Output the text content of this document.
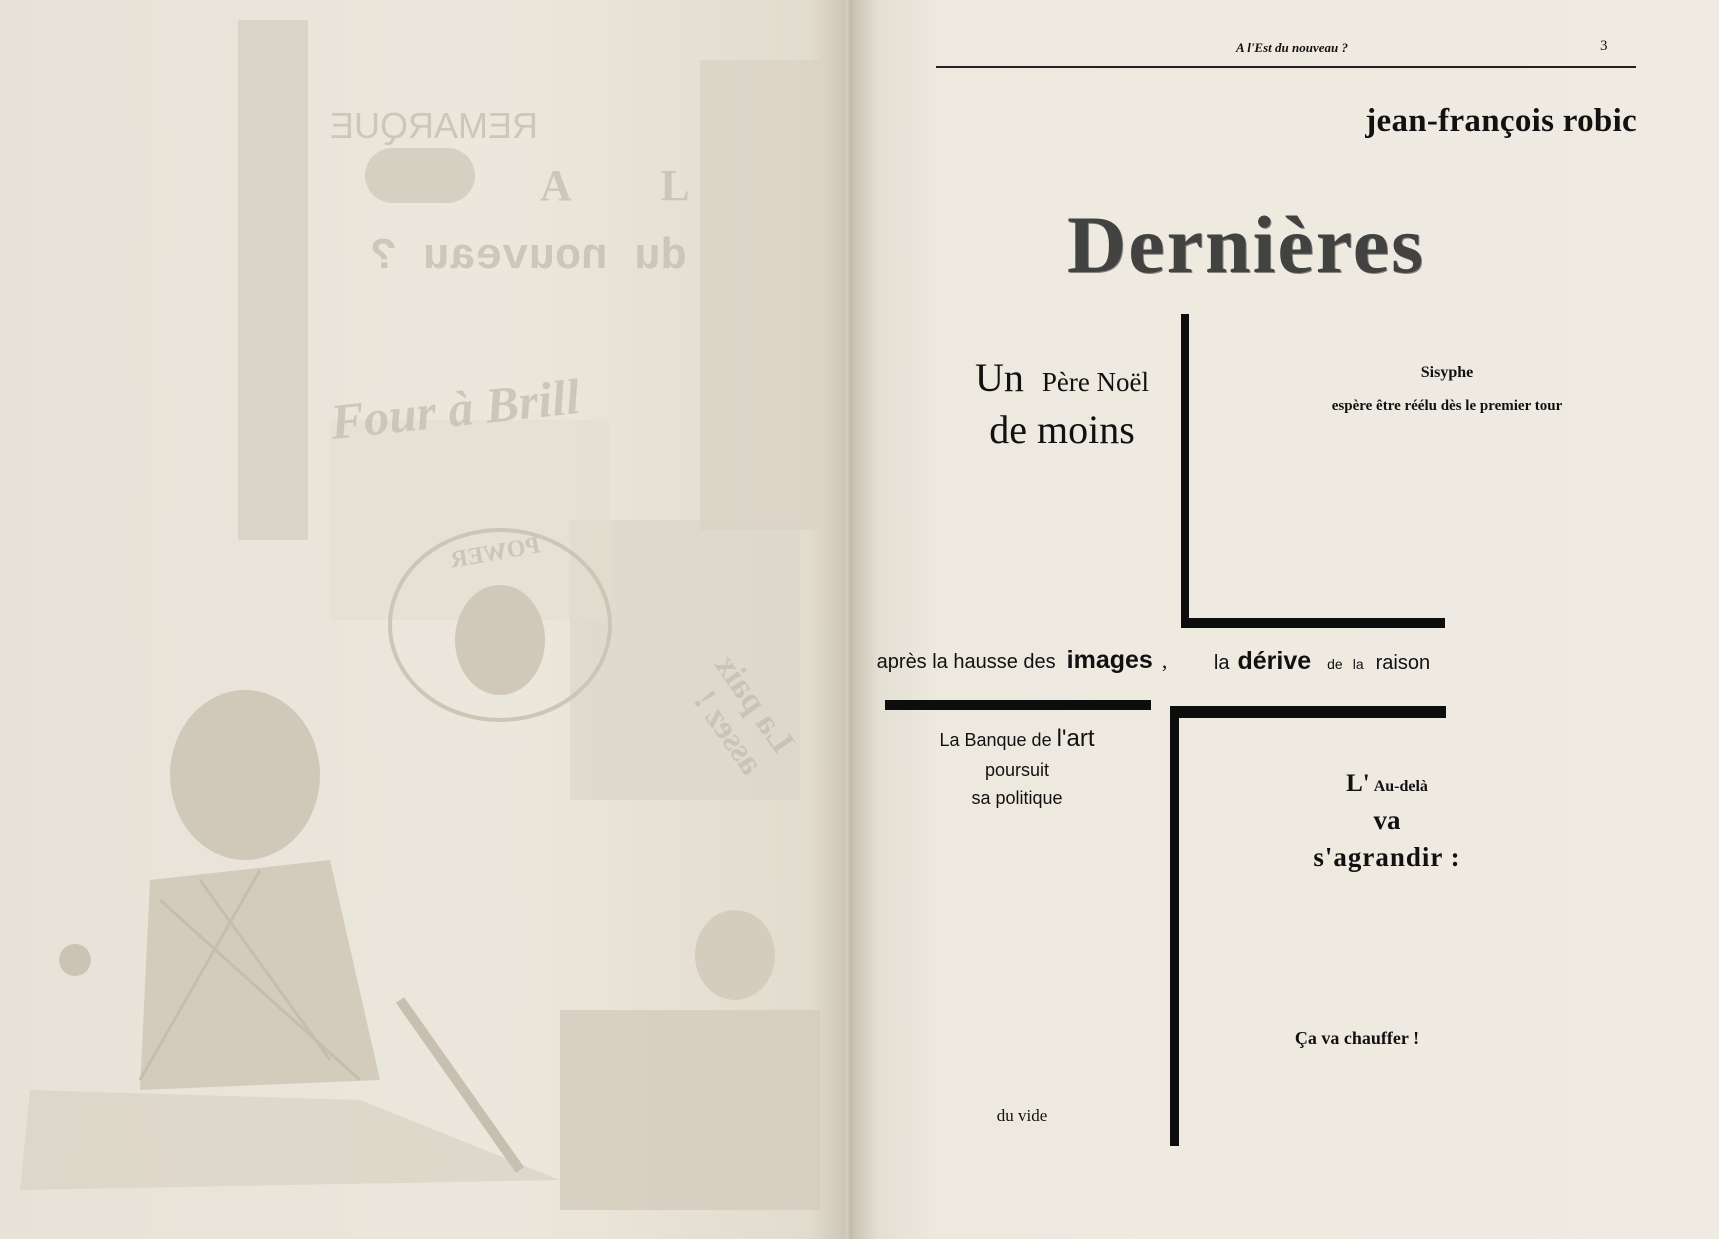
REMARQUE
A L
du nouveau ?
Four à Brill
POWER
La paix assez !
A l'Est du nouveau ?	3
jean-françois robic
Dernières
Un Père Noël
de moins
Sisyphe
espère être réélu dès le premier tour
après la hausse des images ,	la dérive de la raison
La Banque de l'art
poursuit
sa politique
L' Au-delà
va
s'agrandir :
Ça va chauffer !
du vide
